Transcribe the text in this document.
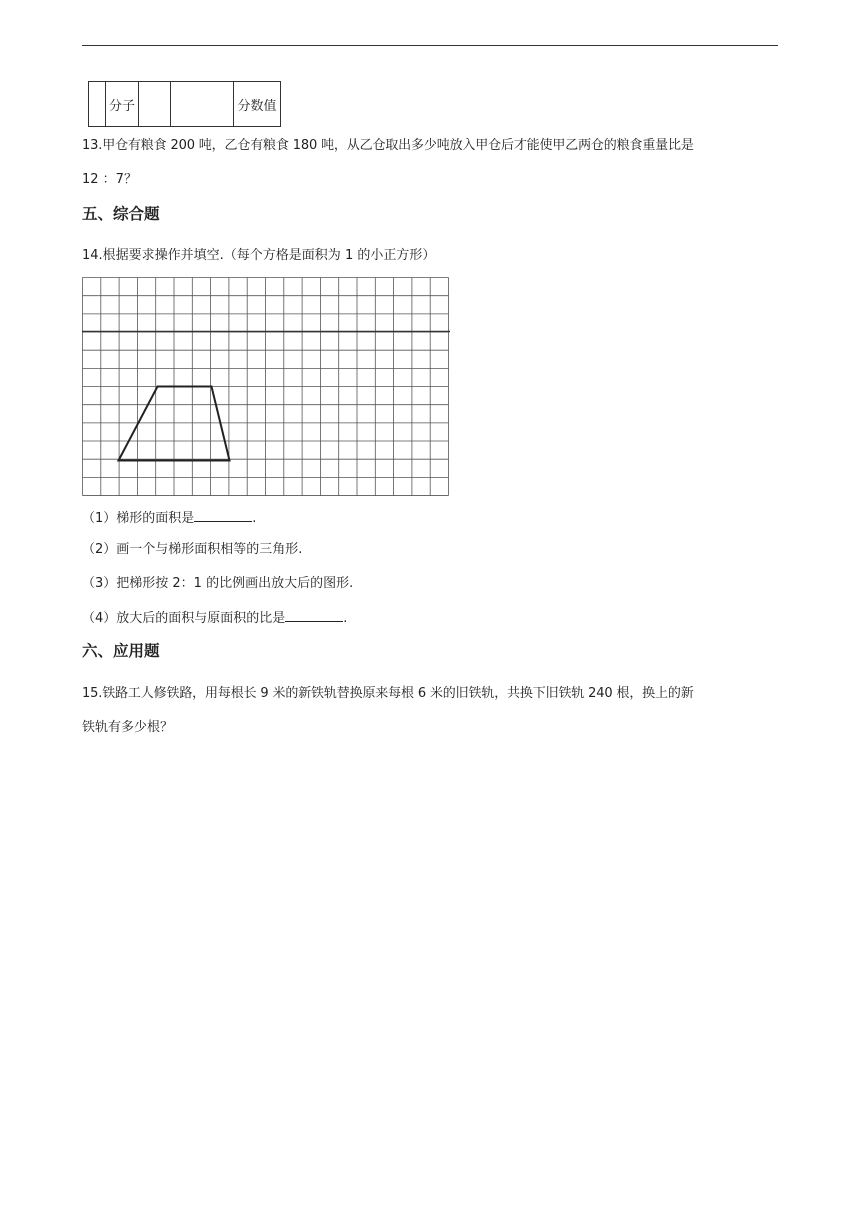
	分子			分数值
13.甲仓有粮食 200 吨，乙仓有粮食 180 吨，从乙仓取出多少吨放入甲仓后才能使甲乙两仓的粮食重量比是
12 ：7？
五、综合题
14.根据要求操作并填空.（每个方格是面积为 1 的小正方形）
（1）梯形的面积是	.
（2）画一个与梯形面积相等的三角形.
（3）把梯形按 2：1 的比例画出放大后的图形.
（4）放大后的面积与原面积的比是	.
六、应用题
15.铁路工人修铁路，用每根长 9 米的新铁轨替换原来每根 6 米的旧铁轨，共换下旧铁轨 240 根，换上的新
铁轨有多少根？
